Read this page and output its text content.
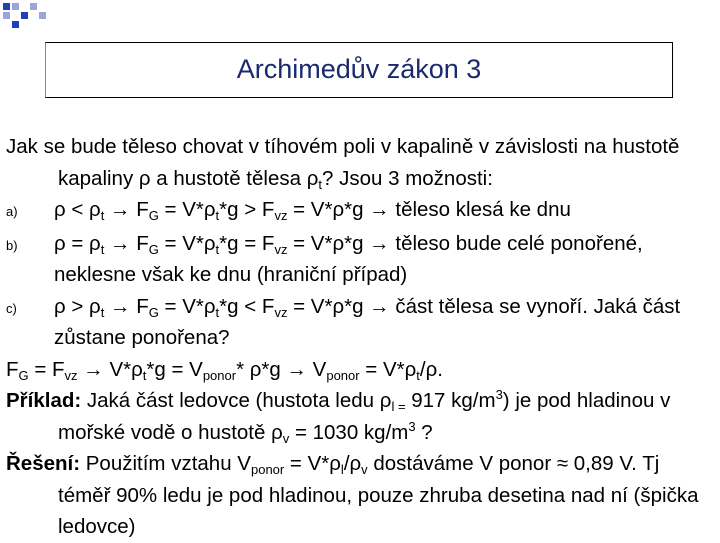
Archimedův zákon 3

Jak se bude těleso chovat v tíhovém poli v kapalině v závislosti na hustotě kapaliny ρ a hustotě tělesa $\rho_t$? Jsou 3 možnosti:

a)	$\rho < \rho_t \to F_G = V*\rho_t*g > F_{vz} = V*\rho*g$ → těleso klesá ke dnu
b)	$\rho = \rho_t \to F_G = V*\rho_t*g = F_{vz} = V*\rho*g$ → těleso bude celé ponořené, neklesne však ke dnu (hraniční případ)
c)	$\rho > \rho_t \to F_G = V*\rho_t*g < F_{vz} = V*\rho*g$ → část tělesa se vynoří. Jaká část zůstane ponořena?

$F_G = F_{vz} \to V*\rho_t*g = V_{ponor}*$ $\rho*g \to V_{ponor} = V*\rho_t/\rho$.

Příklad: Jaká část ledovce (hustota ledu $\rho_{l =}$ 917 $kg/m^3$) je pod hladinou v mořské vodě o hustotě $\rho_v = 1030$ $kg/m^3$ ?

Řešení: Použitím vztahu $V_{ponor} = V*\rho_l/\rho_v$ dostáváme V ponor ≈ 0,89 V. Tj téměř 90% ledu je pod hladinou, pouze zhruba desetina nad ní (špička ledovce)
